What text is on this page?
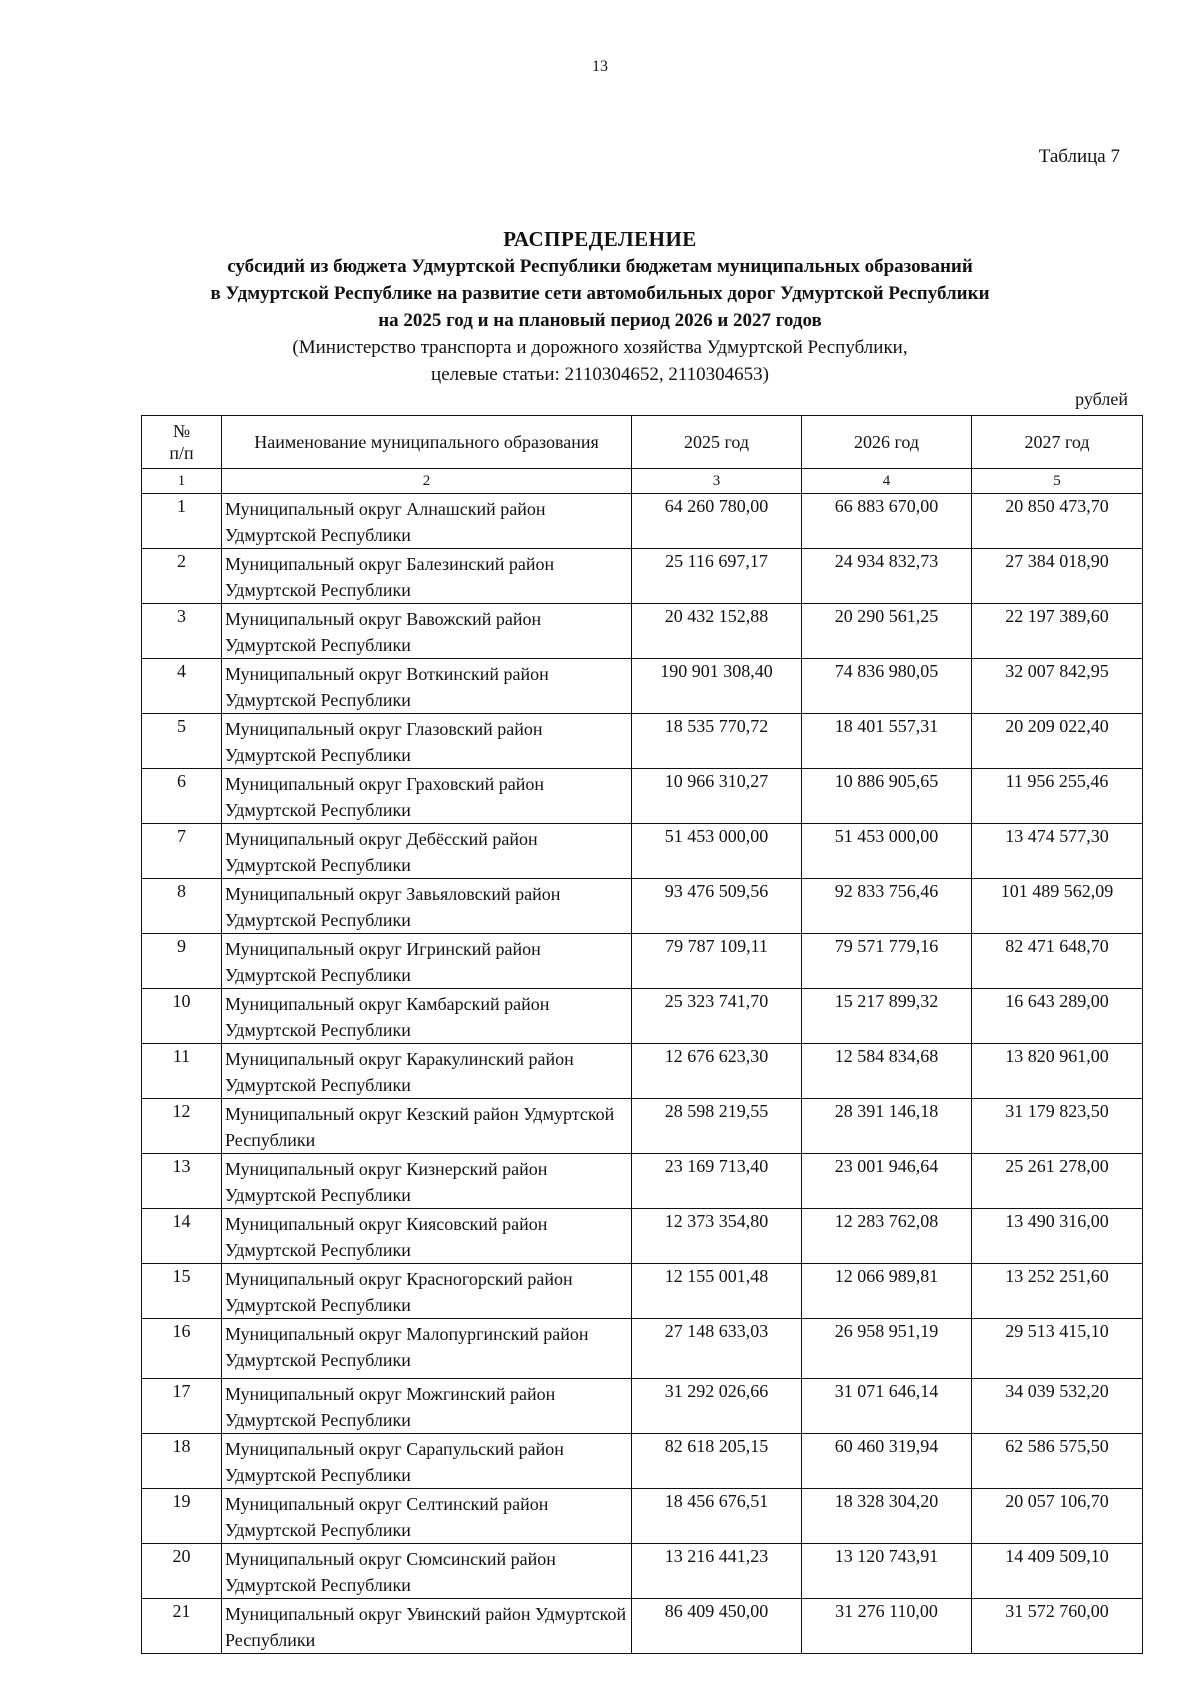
13
Таблица 7
РАСПРЕДЕЛЕНИЕ
субсидий из бюджета Удмуртской Республики бюджетам муниципальных образований
в Удмуртской Республике на развитие сети автомобильных дорог Удмуртской Республики
на 2025 год и на плановый период 2026 и 2027 годов
(Министерство транспорта и дорожного хозяйства Удмуртской Республики,
целевые статьи: 2110304652, 2110304653)
рублей
№
п/п	Наименование муниципального образования	2025 год	2026 год	2027 год
1	2	3	4	5
1	Муниципальный округ Алнашский район Удмуртской Республики	64 260 780,00	66 883 670,00	20 850 473,70
2	Муниципальный округ Балезинский район Удмуртской Республики	25 116 697,17	24 934 832,73	27 384 018,90
3	Муниципальный округ Вавожский район Удмуртской Республики	20 432 152,88	20 290 561,25	22 197 389,60
4	Муниципальный округ Воткинский район Удмуртской Республики	190 901 308,40	74 836 980,05	32 007 842,95
5	Муниципальный округ Глазовский район Удмуртской Республики	18 535 770,72	18 401 557,31	20 209 022,40
6	Муниципальный округ Граховский район Удмуртской Республики	10 966 310,27	10 886 905,65	11 956 255,46
7	Муниципальный округ Дебёсский район Удмуртской Республики	51 453 000,00	51 453 000,00	13 474 577,30
8	Муниципальный округ Завьяловский район Удмуртской Республики	93 476 509,56	92 833 756,46	101 489 562,09
9	Муниципальный округ Игринский район Удмуртской Республики	79 787 109,11	79 571 779,16	82 471 648,70
10	Муниципальный округ Камбарский район Удмуртской Республики	25 323 741,70	15 217 899,32	16 643 289,00
11	Муниципальный округ Каракулинский район Удмуртской Республики	12 676 623,30	12 584 834,68	13 820 961,00
12	Муниципальный округ Кезский район Удмуртской Республики	28 598 219,55	28 391 146,18	31 179 823,50
13	Муниципальный округ Кизнерский район Удмуртской Республики	23 169 713,40	23 001 946,64	25 261 278,00
14	Муниципальный округ Киясовский район Удмуртской Республики	12 373 354,80	12 283 762,08	13 490 316,00
15	Муниципальный округ Красногорский район Удмуртской Республики	12 155 001,48	12 066 989,81	13 252 251,60
16	Муниципальный округ Малопургинский район Удмуртской Республики	27 148 633,03	26 958 951,19	29 513 415,10
17	Муниципальный округ Можгинский район Удмуртской Республики	31 292 026,66	31 071 646,14	34 039 532,20
18	Муниципальный округ Сарапульский район Удмуртской Республики	82 618 205,15	60 460 319,94	62 586 575,50
19	Муниципальный округ Селтинский район Удмуртской Республики	18 456 676,51	18 328 304,20	20 057 106,70
20	Муниципальный округ Сюмсинский район Удмуртской Республики	13 216 441,23	13 120 743,91	14 409 509,10
21	Муниципальный округ Увинский район Удмуртской Республики	86 409 450,00	31 276 110,00	31 572 760,00
